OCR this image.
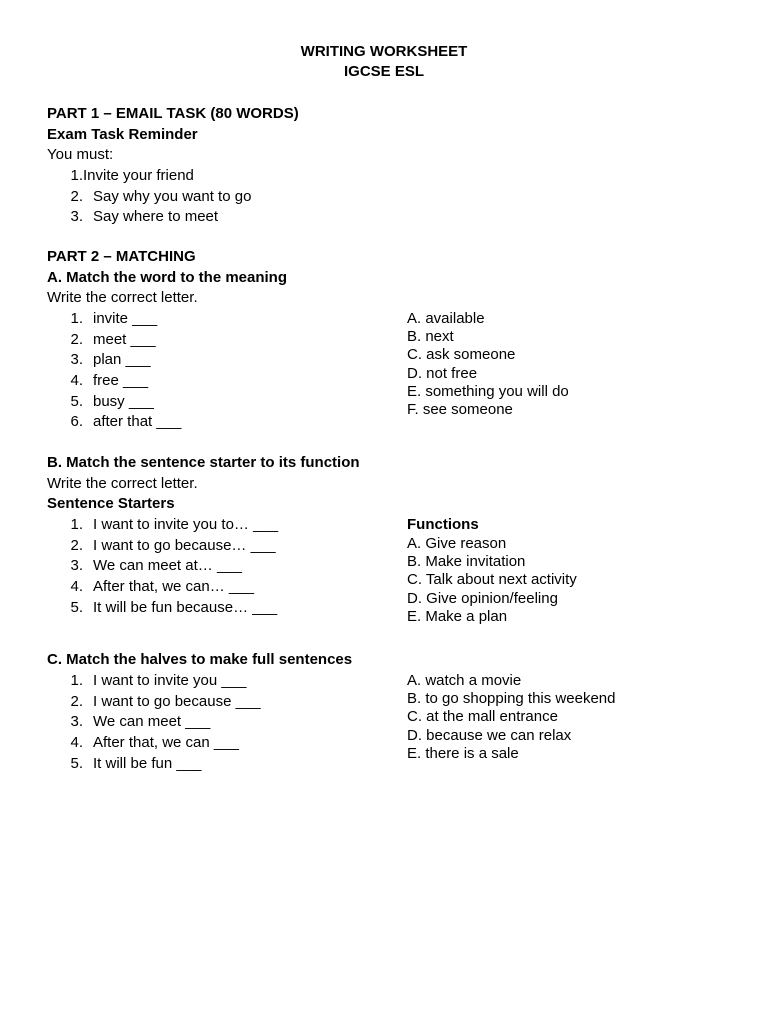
WRITING WORKSHEET
IGCSE ESL

PART 1 – EMAIL TASK (80 WORDS)

Exam Task Reminder

You must:

1. Invite your friend
2. Say why you want to go
3. Say where to meet

PART 2 – MATCHING

A. Match the word to the meaning

Write the correct letter.

1. invite ___
2. meet ___
3. plan ___
4. free ___
5. busy ___
6. after that ___
A. available
B. next
C. ask someone
D. not free
E. something you will do
F. see someone

B. Match the sentence starter to its function

Write the correct letter.

Sentence Starters

1. I want to invite you to… ___
2. I want to go because… ___
3. We can meet at… ___
4. After that, we can… ___
5. It will be fun because… ___
Functions
A. Give reason
B. Make invitation
C. Talk about next activity
D. Give opinion/feeling
E. Make a plan

C. Match the halves to make full sentences

1. I want to invite you ___
2. I want to go because ___
3. We can meet ___
4. After that, we can ___
5. It will be fun ___
A. watch a movie
B. to go shopping this weekend
C. at the mall entrance
D. because we can relax
E. there is a sale
